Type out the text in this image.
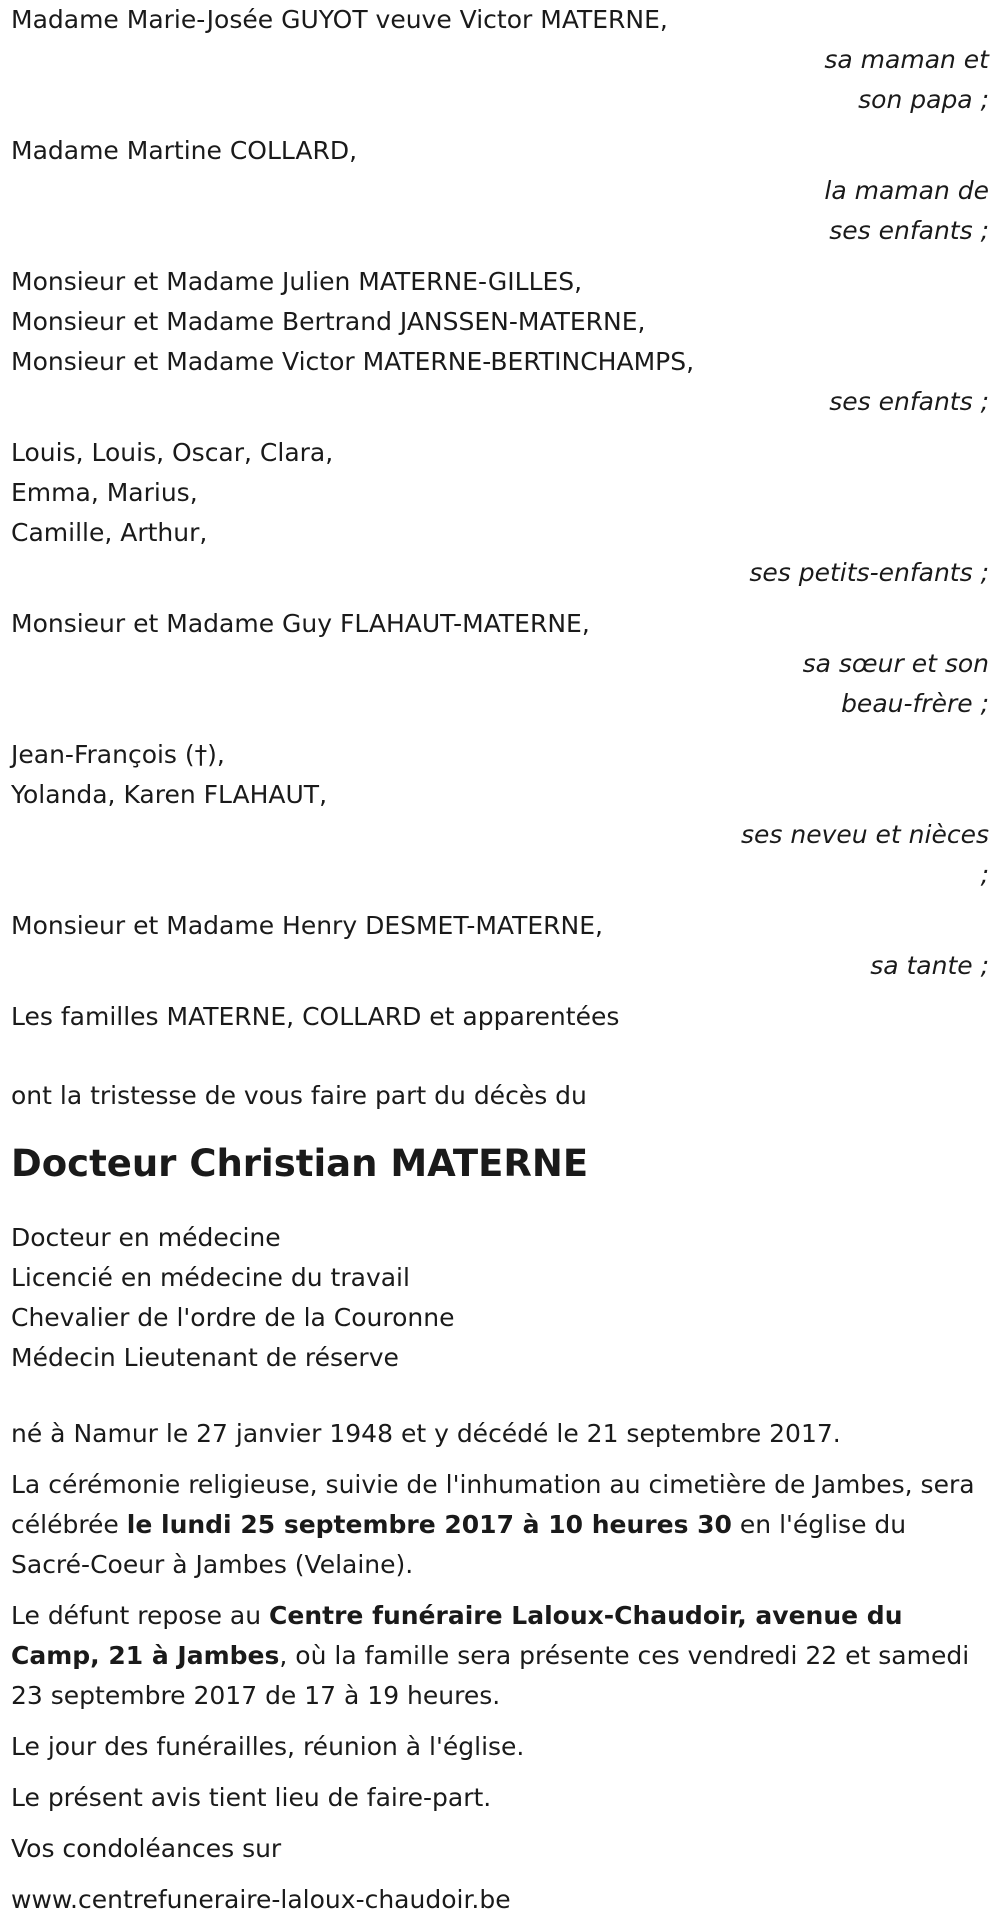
Madame Marie-Josée GUYOT veuve Victor MATERNE,
sa maman et son papa ;
Madame Martine COLLARD,
la maman de ses enfants ;
Monsieur et Madame Julien MATERNE-GILLES,
Monsieur et Madame Bertrand JANSSEN-MATERNE,
Monsieur et Madame Victor MATERNE-BERTINCHAMPS,
ses enfants ;
Louis, Louis, Oscar, Clara,
Emma, Marius,
Camille, Arthur,
ses petits-enfants ;
Monsieur et Madame Guy FLAHAUT-MATERNE,
sa sœur et son beau-frère ;
Jean-François (†),
Yolanda, Karen FLAHAUT,
ses neveu et nièces ;
Monsieur et Madame Henry DESMET-MATERNE,
sa tante ;
Les familles MATERNE, COLLARD et apparentées
ont la tristesse de vous faire part du décès du
Docteur Christian MATERNE
Docteur en médecine
Licencié en médecine du travail
Chevalier de l'ordre de la Couronne
Médecin Lieutenant de réserve
né à Namur le 27 janvier 1948 et y décédé le 21 septembre 2017.
La cérémonie religieuse, suivie de l'inhumation au cimetière de Jambes, sera célébrée le lundi 25 septembre 2017 à 10 heures 30 en l'église du Sacré-Coeur à Jambes (Velaine).
Le défunt repose au Centre funéraire Laloux-Chaudoir, avenue du Camp, 21 à Jambes, où la famille sera présente ces vendredi 22 et samedi 23 septembre 2017 de 17 à 19 heures.
Le jour des funérailles, réunion à l'église.
Le présent avis tient lieu de faire-part.
Vos condoléances sur
www.centrefuneraire-laloux-chaudoir.be
